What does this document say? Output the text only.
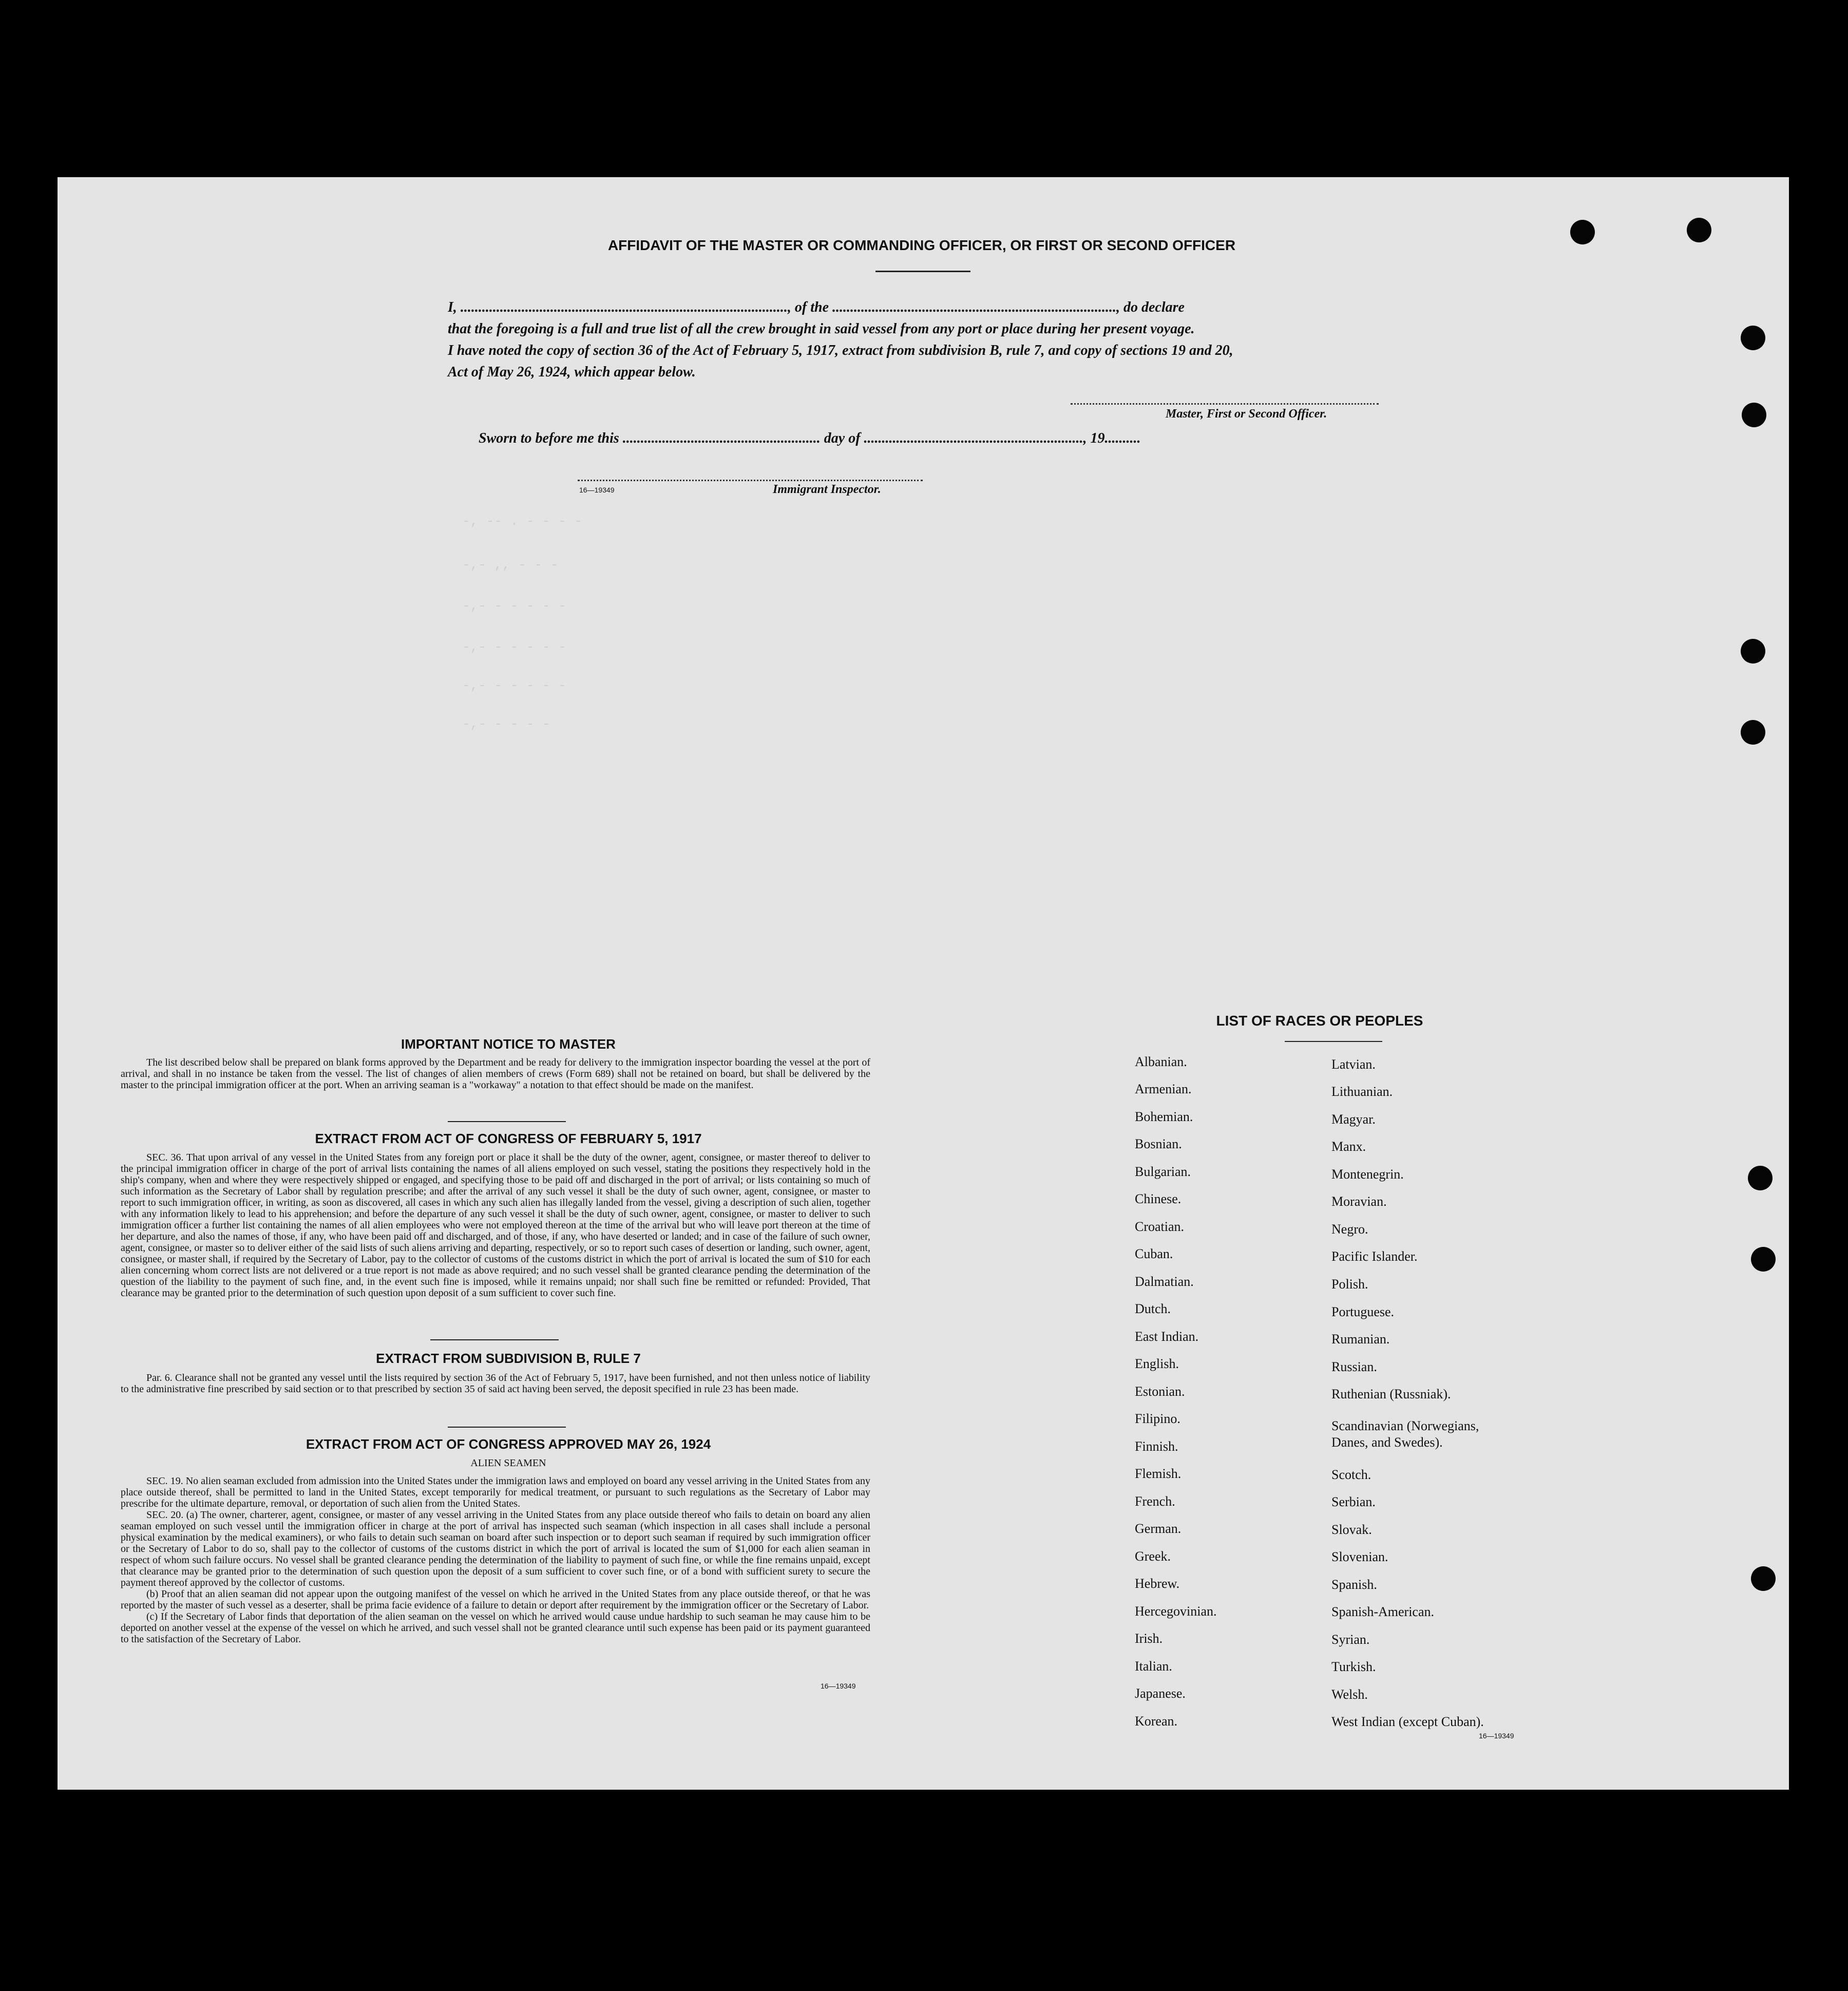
-, -- . - - - -
-,- ,, - - -
-,- - - - - -
-,- - - - - -
-,- - - - - -
-,- - - - -
AFFIDAVIT OF THE MASTER OR COMMANDING OFFICER, OR FIRST OR SECOND OFFICER
I, ..........................................................................................., of the ..............................................................................., do declare
that the foregoing is a full and true list of all the crew brought in said vessel from any port or place during her present voyage.
I have noted the copy of section 36 of the Act of February 5, 1917, extract from subdivision B, rule 7, and copy of sections 19 and 20,
Act of May 26, 1924, which appear below.
Master, First or Second Officer.
Sworn to before me this ....................................................... day of ............................................................., 19..........
16—19349	Immigrant Inspector.
IMPORTANT NOTICE TO MASTER
The list described below shall be prepared on blank forms approved by the Department and be ready for delivery to the immigration inspector boarding the vessel at the port of arrival, and shall in no instance be taken from the vessel. The list of changes of alien members of crews (Form 689) shall not be retained on board, but shall be delivered by the master to the principal immigration officer at the port. When an arriving seaman is a "workaway" a notation to that effect should be made on the manifest.
EXTRACT FROM ACT OF CONGRESS OF FEBRUARY 5, 1917
SEC. 36. That upon arrival of any vessel in the United States from any foreign port or place it shall be the duty of the owner, agent, consignee, or master thereof to deliver to the principal immigration officer in charge of the port of arrival lists containing the names of all aliens employed on such vessel, stating the positions they respectively hold in the ship's company, when and where they were respectively shipped or engaged, and specifying those to be paid off and discharged in the port of arrival; or lists containing so much of such information as the Secretary of Labor shall by regulation prescribe; and after the arrival of any such vessel it shall be the duty of such owner, agent, consignee, or master to report to such immigration officer, in writing, as soon as discovered, all cases in which any such alien has illegally landed from the vessel, giving a description of such alien, together with any information likely to lead to his apprehension; and before the departure of any such vessel it shall be the duty of such owner, agent, consignee, or master to deliver to such immigration officer a further list containing the names of all alien employees who were not employed thereon at the time of the arrival but who will leave port thereon at the time of her departure, and also the names of those, if any, who have been paid off and discharged, and of those, if any, who have deserted or landed; and in case of the failure of such owner, agent, consignee, or master so to deliver either of the said lists of such aliens arriving and departing, respectively, or so to report such cases of desertion or landing, such owner, agent, consignee, or master shall, if required by the Secretary of Labor, pay to the collector of customs of the customs district in which the port of arrival is located the sum of $10 for each alien concerning whom correct lists are not delivered or a true report is not made as above required; and no such vessel shall be granted clearance pending the determination of the question of the liability to the payment of such fine, and, in the event such fine is imposed, while it remains unpaid; nor shall such fine be remitted or refunded: Provided, That clearance may be granted prior to the determination of such question upon deposit of a sum sufficient to cover such fine.
EXTRACT FROM SUBDIVISION B, RULE 7
Par. 6. Clearance shall not be granted any vessel until the lists required by section 36 of the Act of February 5, 1917, have been furnished, and not then unless notice of liability to the administrative fine prescribed by said section or to that prescribed by section 35 of said act having been served, the deposit specified in rule 23 has been made.
EXTRACT FROM ACT OF CONGRESS APPROVED MAY 26, 1924
ALIEN SEAMEN
SEC. 19. No alien seaman excluded from admission into the United States under the immigration laws and employed on board any vessel arriving in the United States from any place outside thereof, shall be permitted to land in the United States, except temporarily for medical treatment, or pursuant to such regulations as the Secretary of Labor may prescribe for the ultimate departure, removal, or deportation of such alien from the United States.
SEC. 20. (a) The owner, charterer, agent, consignee, or master of any vessel arriving in the United States from any place outside thereof who fails to detain on board any alien seaman employed on such vessel until the immigration officer in charge at the port of arrival has inspected such seaman (which inspection in all cases shall include a personal physical examination by the medical examiners), or who fails to detain such seaman on board after such inspection or to deport such seaman if required by such immigration officer or the Secretary of Labor to do so, shall pay to the collector of customs of the customs district in which the port of arrival is located the sum of $1,000 for each alien seaman in respect of whom such failure occurs. No vessel shall be granted clearance pending the determination of the liability to payment of such fine, or while the fine remains unpaid, except that clearance may be granted prior to the determination of such question upon the deposit of a sum sufficient to cover such fine, or of a bond with sufficient surety to secure the payment thereof approved by the collector of customs.
(b) Proof that an alien seaman did not appear upon the outgoing manifest of the vessel on which he arrived in the United States from any place outside thereof, or that he was reported by the master of such vessel as a deserter, shall be prima facie evidence of a failure to detain or deport after requirement by the immigration officer or the Secretary of Labor.
(c) If the Secretary of Labor finds that deportation of the alien seaman on the vessel on which he arrived would cause undue hardship to such seaman he may cause him to be deported on another vessel at the expense of the vessel on which he arrived, and such vessel shall not be granted clearance until such expense has been paid or its payment guaranteed to the satisfaction of the Secretary of Labor.
16—19349
LIST OF RACES OR PEOPLES
Albanian.
Armenian.
Bohemian.
Bosnian.
Bulgarian.
Chinese.
Croatian.
Cuban.
Dalmatian.
Dutch.
East Indian.
English.
Estonian.
Filipino.
Finnish.
Flemish.
French.
German.
Greek.
Hebrew.
Hercegovinian.
Irish.
Italian.
Japanese.
Korean.
Latvian.
Lithuanian.
Magyar.
Manx.
Montenegrin.
Moravian.
Negro.
Pacific Islander.
Polish.
Portuguese.
Rumanian.
Russian.
Ruthenian (Russniak).
Scandinavian (Norwegians,
Danes, and Swedes).
Scotch.
Serbian.
Slovak.
Slovenian.
Spanish.
Spanish-American.
Syrian.
Turkish.
Welsh.
West Indian (except Cuban).
16—19349
